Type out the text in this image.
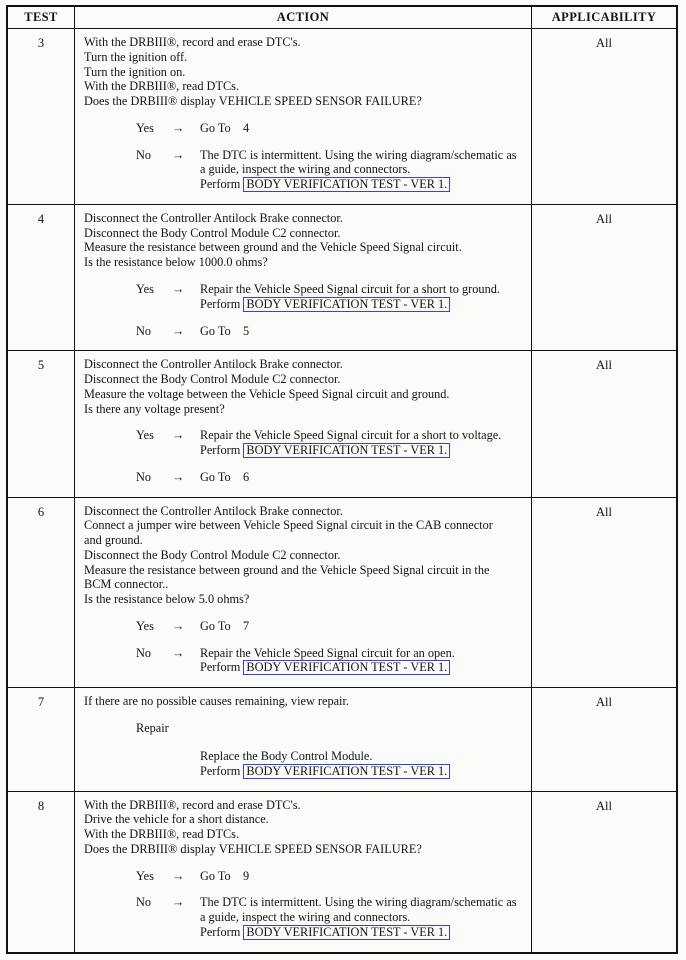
TEST	ACTION	APPLICABILITY
3	With the DRBIII®, record and erase DTC's.
Turn the ignition off.
Turn the ignition on.
With the DRBIII®, read DTCs.
Does the DRBIII® display VEHICLE SPEED SENSOR FAILURE?
Yes	→	Go To    4
No	→	The DTC is intermittent. Using the wiring diagram/schematic as
a guide, inspect the wiring and connectors.
Perform BODY VERIFICATION TEST - VER 1.
	All
4	Disconnect the Controller Antilock Brake connector.
Disconnect the Body Control Module C2 connector.
Measure the resistance between ground and the Vehicle Speed Signal circuit.
Is the resistance below 1000.0 ohms?
Yes	→	Repair the Vehicle Speed Signal circuit for a short to ground.
Perform BODY VERIFICATION TEST - VER 1.
No	→	Go To    5
	All
5	Disconnect the Controller Antilock Brake connector.
Disconnect the Body Control Module C2 connector.
Measure the voltage between the Vehicle Speed Signal circuit and ground.
Is there any voltage present?
Yes	→	Repair the Vehicle Speed Signal circuit for a short to voltage.
Perform BODY VERIFICATION TEST - VER 1.
No	→	Go To    6
	All
6	Disconnect the Controller Antilock Brake connector.
Connect a jumper wire between Vehicle Speed Signal circuit in the CAB connector
and ground.
Disconnect the Body Control Module C2 connector.
Measure the resistance between ground and the Vehicle Speed Signal circuit in the
BCM connector..
Is the resistance below 5.0 ohms?
Yes	→	Go To    7
No	→	Repair the Vehicle Speed Signal circuit for an open.
Perform BODY VERIFICATION TEST - VER 1.
	All
7	If there are no possible causes remaining, view repair.
Repair
Replace the Body Control Module.
Perform BODY VERIFICATION TEST - VER 1.	All
8	With the DRBIII®, record and erase DTC's.
Drive the vehicle for a short distance.
With the DRBIII®, read DTCs.
Does the DRBIII® display VEHICLE SPEED SENSOR FAILURE?
Yes	→	Go To    9
No	→	The DTC is intermittent. Using the wiring diagram/schematic as
a guide, inspect the wiring and connectors.
Perform BODY VERIFICATION TEST - VER 1.
	All
